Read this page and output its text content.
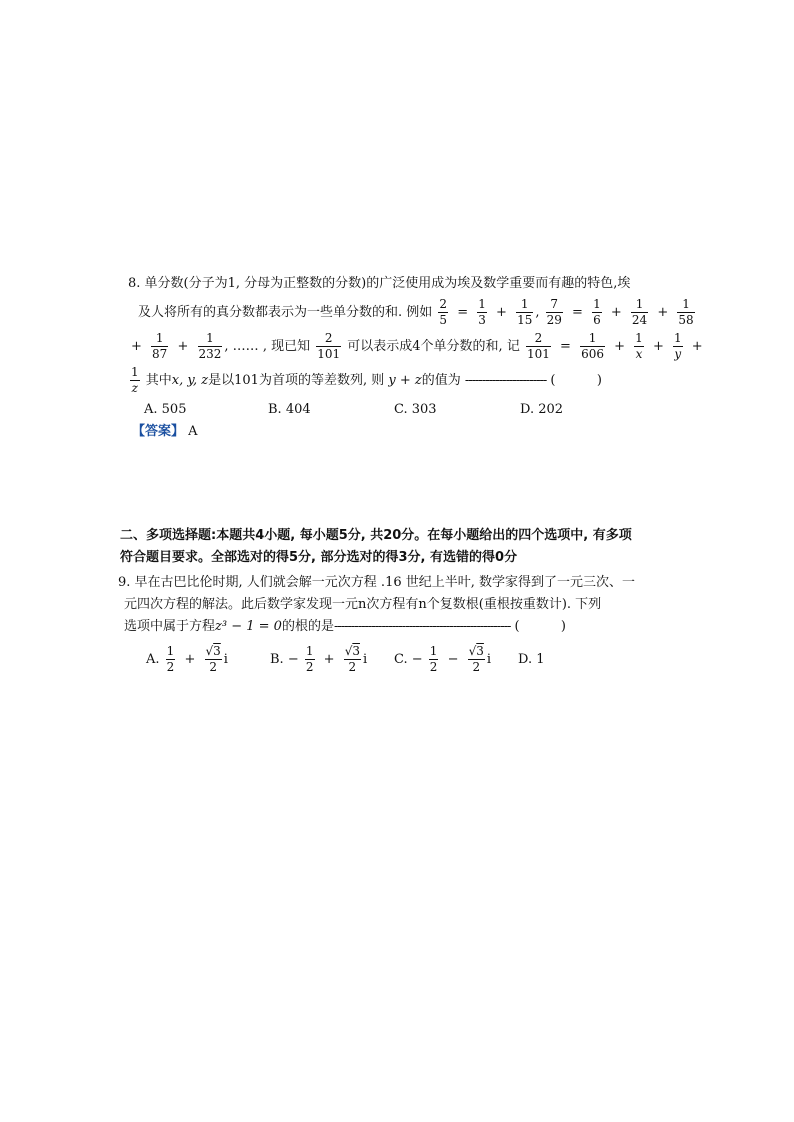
8. 单分数(分子为1, 分母为正整数的分数)的广泛使用成为埃及数学重要而有趣的特色,埃
及人将所有的真分数都表示为一些单分数的和. 例如 $\frac{2}{5} = \frac{1}{3} + \frac{1}{15}$ , $\frac{7}{29} = \frac{1}{6} + \frac{1}{24} + \frac{1}{58}$
+ $\frac{1}{87} + \frac{1}{232}$ , …… , 现已知 $\frac{2}{101}$ 可以表示成4个单分数的和, 记 $\frac{2}{101} = \frac{1}{606} + \frac{1}{x} + \frac{1}{y}$ +
$\frac{1}{z}$ 其中x, y, z是以101为首项的等差数列, 则 y + z的值为 ------------------------ (          )
A. 505	B. 404	C. 303	D. 202
【答案】 A
二、多项选择题:本题共4小题, 每小题5分, 共20分。在每小题给出的四个选项中, 有多项
符合题目要求。全部选对的得5分, 部分选对的得3分, 有选错的得0分
9. 早在古巴比伦时期, 人们就会解一元次方程 .16 世纪上半叶, 数学家得到了一元三次、一
元四次方程的解法。此后数学家发现一元n次方程有n个复数根(重根按重数计). 下列
选项中属于方程z³ − 1 = 0的根的是---------------------------------------------------- (          )
A. $\frac{1}{2} + \frac{√3}{2}$ i	B. − $\frac{1}{2} + \frac{√3}{2}$ iC. − $\frac{1}{2} - \frac{√3}{2}$ iD. 1
